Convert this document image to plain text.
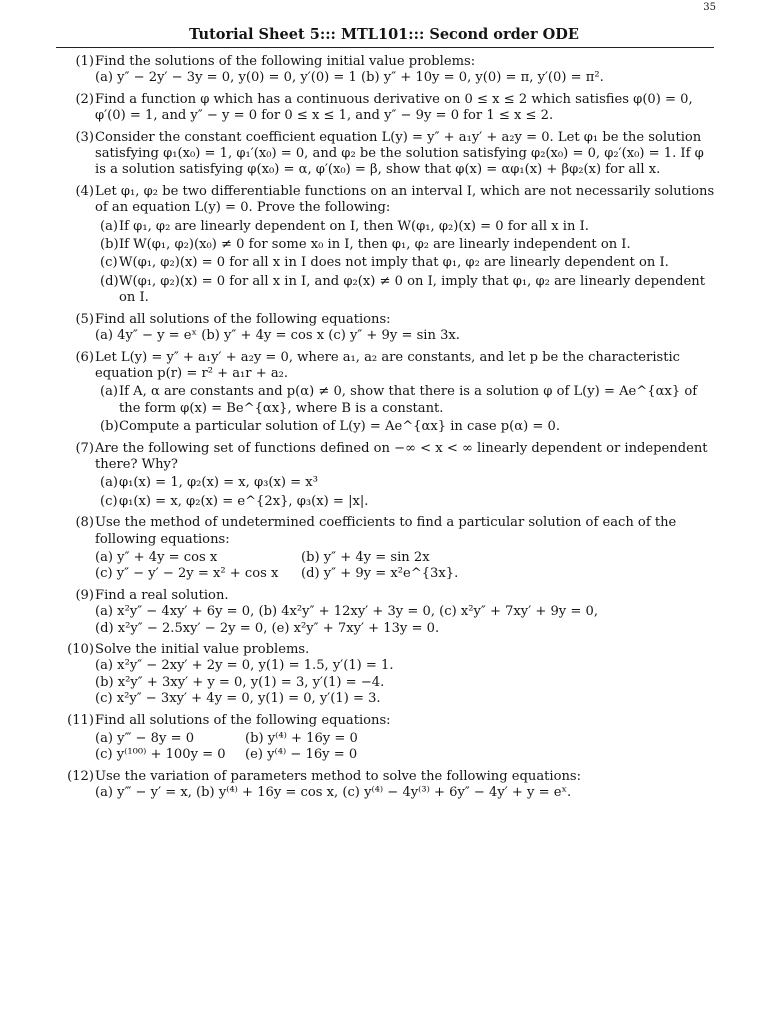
35
Tutorial Sheet 5::: MTL101::: Second order ODE
(1) Find the solutions of the following initial value problems:
(a) y″ − 2y′ − 3y = 0, y(0) = 0, y′(0) = 1 (b) y″ + 10y = 0, y(0) = π, y′(0) = π².
(2) Find a function φ which has a continuous derivative on 0 ≤ x ≤ 2 which satisfies φ(0) = 0, φ′(0) = 1, and y″ − y = 0 for 0 ≤ x ≤ 1, and y″ − 9y = 0 for 1 ≤ x ≤ 2.
(3) Consider the constant coefficient equation L(y) = y″ + a₁y′ + a₂y = 0. Let φ₁ be the solution satisfying φ₁(x₀) = 1, φ₁′(x₀) = 0, and φ₂ be the solution satisfying φ₂(x₀) = 0, φ₂′(x₀) = 1. If φ is a solution satisfying φ(x₀) = α, φ′(x₀) = β, show that φ(x) = αφ₁(x) + βφ₂(x) for all x.
(4) Let φ₁, φ₂ be two differentiable functions on an interval I, which are not necessarily solutions of an equation L(y) = 0. Prove the following:
(a) If φ₁, φ₂ are linearly dependent on I, then W(φ₁, φ₂)(x) = 0 for all x in I.
(b) If W(φ₁, φ₂)(x₀) ≠ 0 for some x₀ in I, then φ₁, φ₂ are linearly independent on I.
(c) W(φ₁, φ₂)(x) = 0 for all x in I does not imply that φ₁, φ₂ are linearly dependent on I.
(d) W(φ₁, φ₂)(x) = 0 for all x in I, and φ₂(x) ≠ 0 on I, imply that φ₁, φ₂ are linearly dependent on I.
(5) Find all solutions of the following equations:
(a) 4y″ − y = eˣ (b) y″ + 4y = cos x (c) y″ + 9y = sin 3x.
(6) Let L(y) = y″ + a₁y′ + a₂y = 0, where a₁, a₂ are constants, and let p be the characteristic equation p(r) = r² + a₁r + a₂.
(a) If A, α are constants and p(α) ≠ 0, show that there is a solution φ of L(y) = Ae^{αx} of the form φ(x) = Be^{αx}, where B is a constant.
(b) Compute a particular solution of L(y) = Ae^{αx} in case p(α) = 0.
(7) Are the following set of functions defined on −∞ < x < ∞ linearly dependent or independent there? Why?
(a) φ₁(x) = 1, φ₂(x) = x, φ₃(x) = x³
(c) φ₁(x) = x, φ₂(x) = e^{2x}, φ₃(x) = |x|.
(8) Use the method of undetermined coefficients to find a particular solution of each of the following equations:
(a) y″ + 4y = cos x	(b) y″ + 4y = sin 2x
(c) y″ − y′ − 2y = x² + cos x	(d) y″ + 9y = x²e^{3x}.
(9) Find a real solution.
(a) x²y″ − 4xy′ + 6y = 0, (b) 4x²y″ + 12xy′ + 3y = 0, (c) x²y″ + 7xy′ + 9y = 0,
(d) x²y″ − 2.5xy′ − 2y = 0, (e) x²y″ + 7xy′ + 13y = 0.
(10) Solve the initial value problems.
(a) x²y″ − 2xy′ + 2y = 0, y(1) = 1.5, y′(1) = 1.
(b) x²y″ + 3xy′ + y = 0, y(1) = 3, y′(1) = −4.
(c) x²y″ − 3xy′ + 4y = 0, y(1) = 0, y′(1) = 3.
(11) Find all solutions of the following equations:
(a) y‴ − 8y = 0	(b) y⁽⁴⁾ + 16y = 0
(c) y⁽¹⁰⁰⁾ + 100y = 0	(e) y⁽⁴⁾ − 16y = 0
(12) Use the variation of parameters method to solve the following equations:
(a) y‴ − y′ = x, (b) y⁽⁴⁾ + 16y = cos x, (c) y⁽⁴⁾ − 4y⁽³⁾ + 6y″ − 4y′ + y = eˣ.
